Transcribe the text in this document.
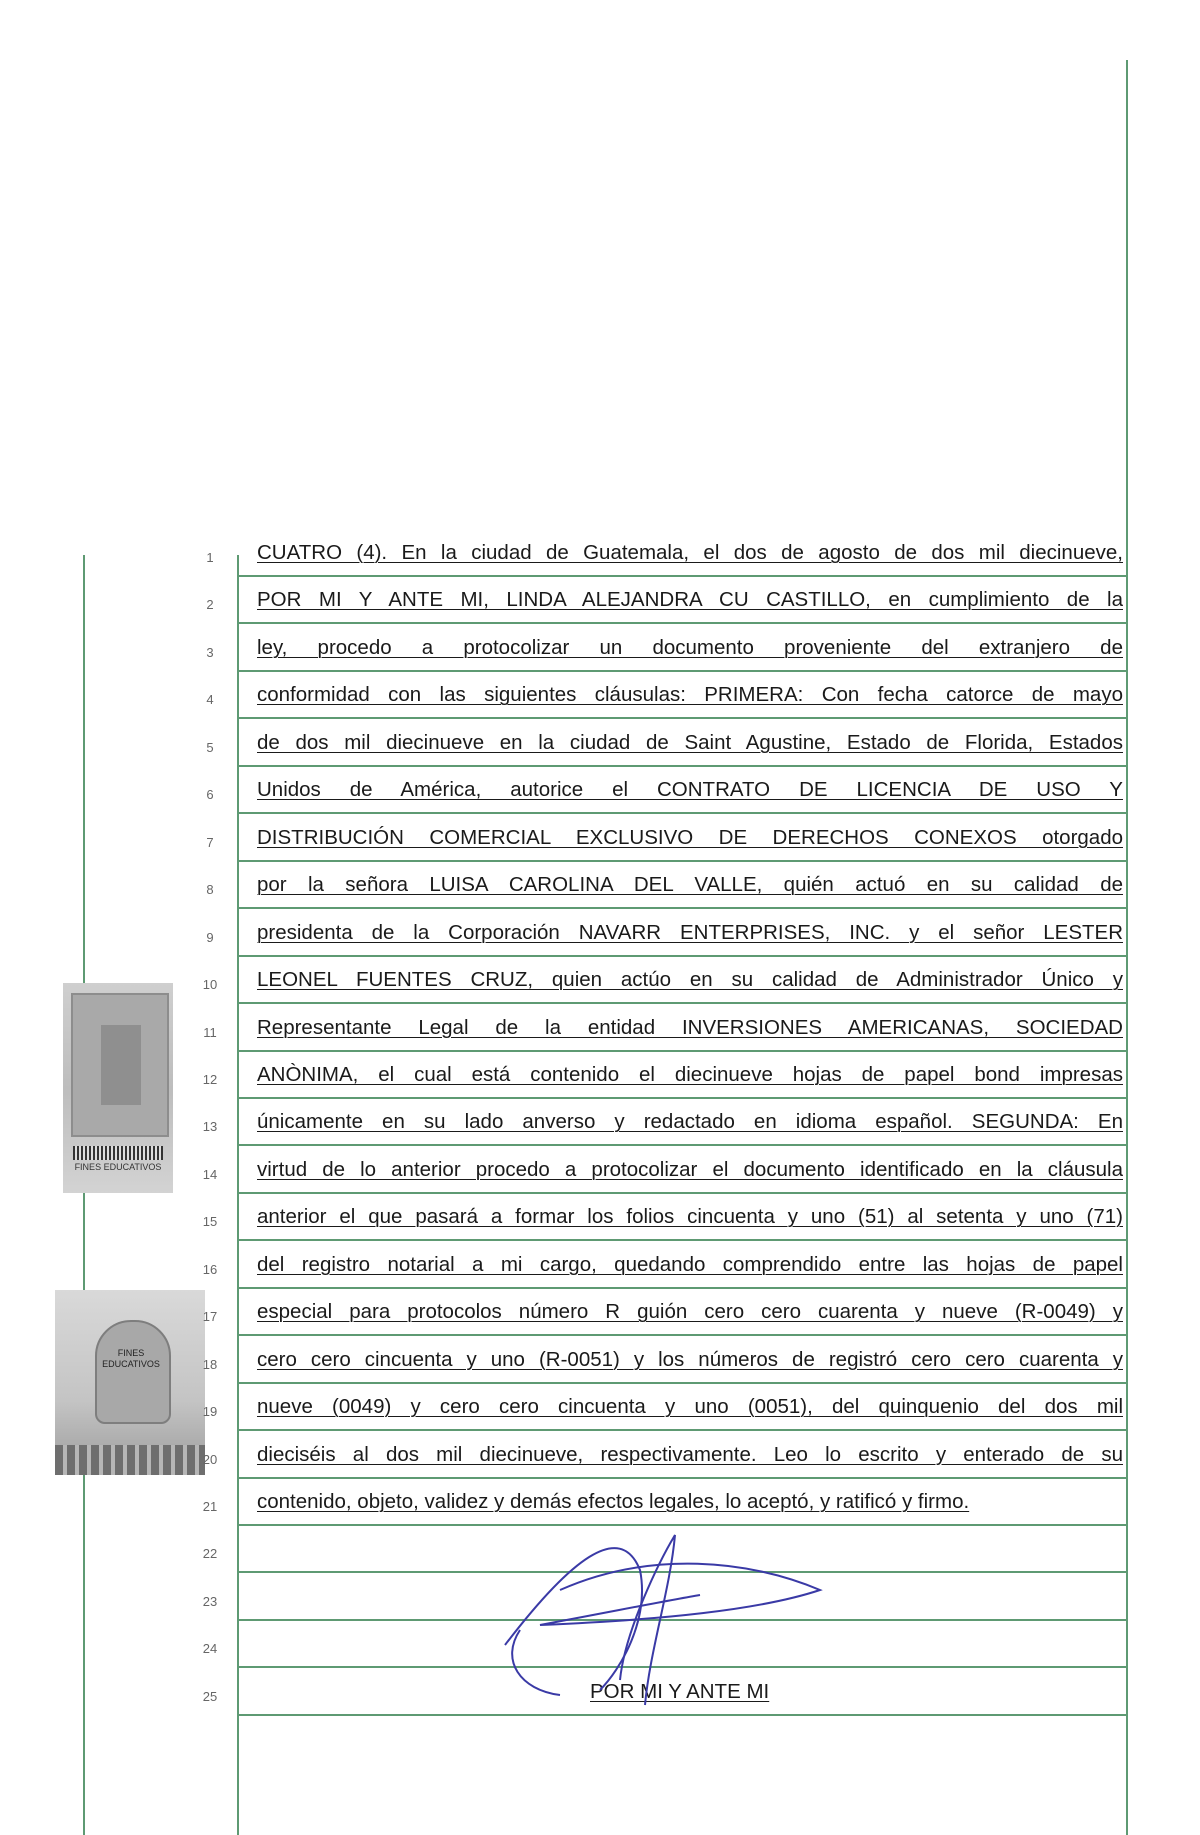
FINES EDUCATIVOS
FINES EDUCATIVOS
1	CUATRO (4). En la ciudad de Guatemala, el dos de agosto de dos mil diecinueve,
2	POR MI Y ANTE MI, LINDA ALEJANDRA CU CASTILLO, en cumplimiento de la
3	ley, procedo a protocolizar un documento proveniente del extranjero de
4	conformidad con las siguientes cláusulas: PRIMERA: Con fecha catorce de mayo
5	de dos mil diecinueve en la ciudad de Saint Agustine, Estado de Florida, Estados
6	Unidos de América, autorice el CONTRATO DE LICENCIA DE USO Y
7	DISTRIBUCIÓN COMERCIAL EXCLUSIVO DE DERECHOS CONEXOS otorgado
8	por la señora LUISA CAROLINA DEL VALLE, quién actuó en su calidad de
9	presidenta de la Corporación NAVARR ENTERPRISES, INC. y el señor LESTER
10	LEONEL FUENTES CRUZ, quien actúo en su calidad de Administrador Único y
11	Representante Legal de la entidad INVERSIONES AMERICANAS, SOCIEDAD
12	ANÒNIMA, el cual está contenido el diecinueve hojas de papel bond impresas
13	únicamente en su lado anverso y redactado en idioma español. SEGUNDA: En
14	virtud de lo anterior procedo a protocolizar el documento identificado en la cláusula
15	anterior el que pasará a formar los folios cincuenta y uno (51) al setenta y uno (71)
16	del registro notarial a mi cargo, quedando comprendido entre las hojas de papel
17	especial para protocolos número R guión cero cero cuarenta y nueve (R-0049) y
18	cero cero cincuenta y uno (R-0051) y los números de registró cero cero cuarenta y
19	nueve (0049) y cero cero cincuenta y uno (0051), del quinquenio del dos mil
20	dieciséis al dos mil diecinueve, respectivamente. Leo lo escrito y enterado de su
21	contenido, objeto, validez y demás efectos legales, lo aceptó, y ratificó y firmo.
22
23
24
25	POR MI Y ANTE MI
